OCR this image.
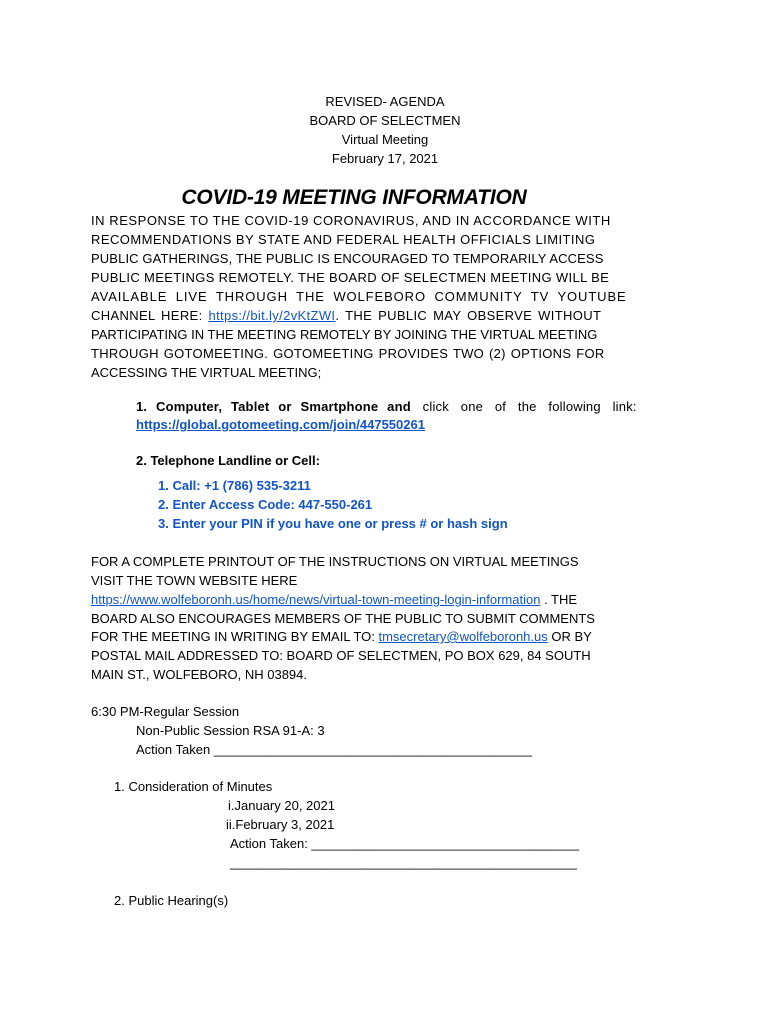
REVISED- AGENDA
BOARD OF SELECTMEN
Virtual Meeting
February 17, 2021
COVID-19 MEETING INFORMATION
IN RESPONSE TO THE COVID-19 CORONAVIRUS, AND IN ACCORDANCE WITH
RECOMMENDATIONS BY STATE AND FEDERAL HEALTH OFFICIALS LIMITING
PUBLIC GATHERINGS, THE PUBLIC IS ENCOURAGED TO TEMPORARILY ACCESS
PUBLIC MEETINGS REMOTELY. THE BOARD OF SELECTMEN MEETING WILL BE
AVAILABLE LIVE THROUGH THE WOLFEBORO COMMUNITY TV YOUTUBE
CHANNEL HERE: https://bit.ly/2vKtZWI. THE PUBLIC MAY OBSERVE WITHOUT
PARTICIPATING IN THE MEETING REMOTELY BY JOINING THE VIRTUAL MEETING
THROUGH GOTOMEETING. GOTOMEETING PROVIDES TWO (2) OPTIONS FOR
ACCESSING THE VIRTUAL MEETING;
1. Computer, Tablet or Smartphone and click one of the following link:
https://global.gotomeeting.com/join/447550261
2. Telephone Landline or Cell:
1. Call: +1 (786) 535-3211
2. Enter Access Code: 447-550-261
3. Enter your PIN if you have one or press # or hash sign
FOR A COMPLETE PRINTOUT OF THE INSTRUCTIONS ON VIRTUAL MEETINGS
VISIT THE TOWN WEBSITE HERE
https://www.wolfeboronh.us/home/news/virtual-town-meeting-login-information . THE
BOARD ALSO ENCOURAGES MEMBERS OF THE PUBLIC TO SUBMIT COMMENTS
FOR THE MEETING IN WRITING BY EMAIL TO: tmsecretary@wolfeboronh.us OR BY
POSTAL MAIL ADDRESSED TO: BOARD OF SELECTMEN, PO BOX 629, 84 SOUTH
MAIN ST., WOLFEBORO, NH 03894.
6:30 PM-Regular Session
Non-Public Session RSA 91-A: 3
Action Taken ____________________________________________
1. Consideration of Minutes
i.January 20, 2021
ii.February 3, 2021
Action Taken: _____________________________________
________________________________________________
2. Public Hearing(s)
